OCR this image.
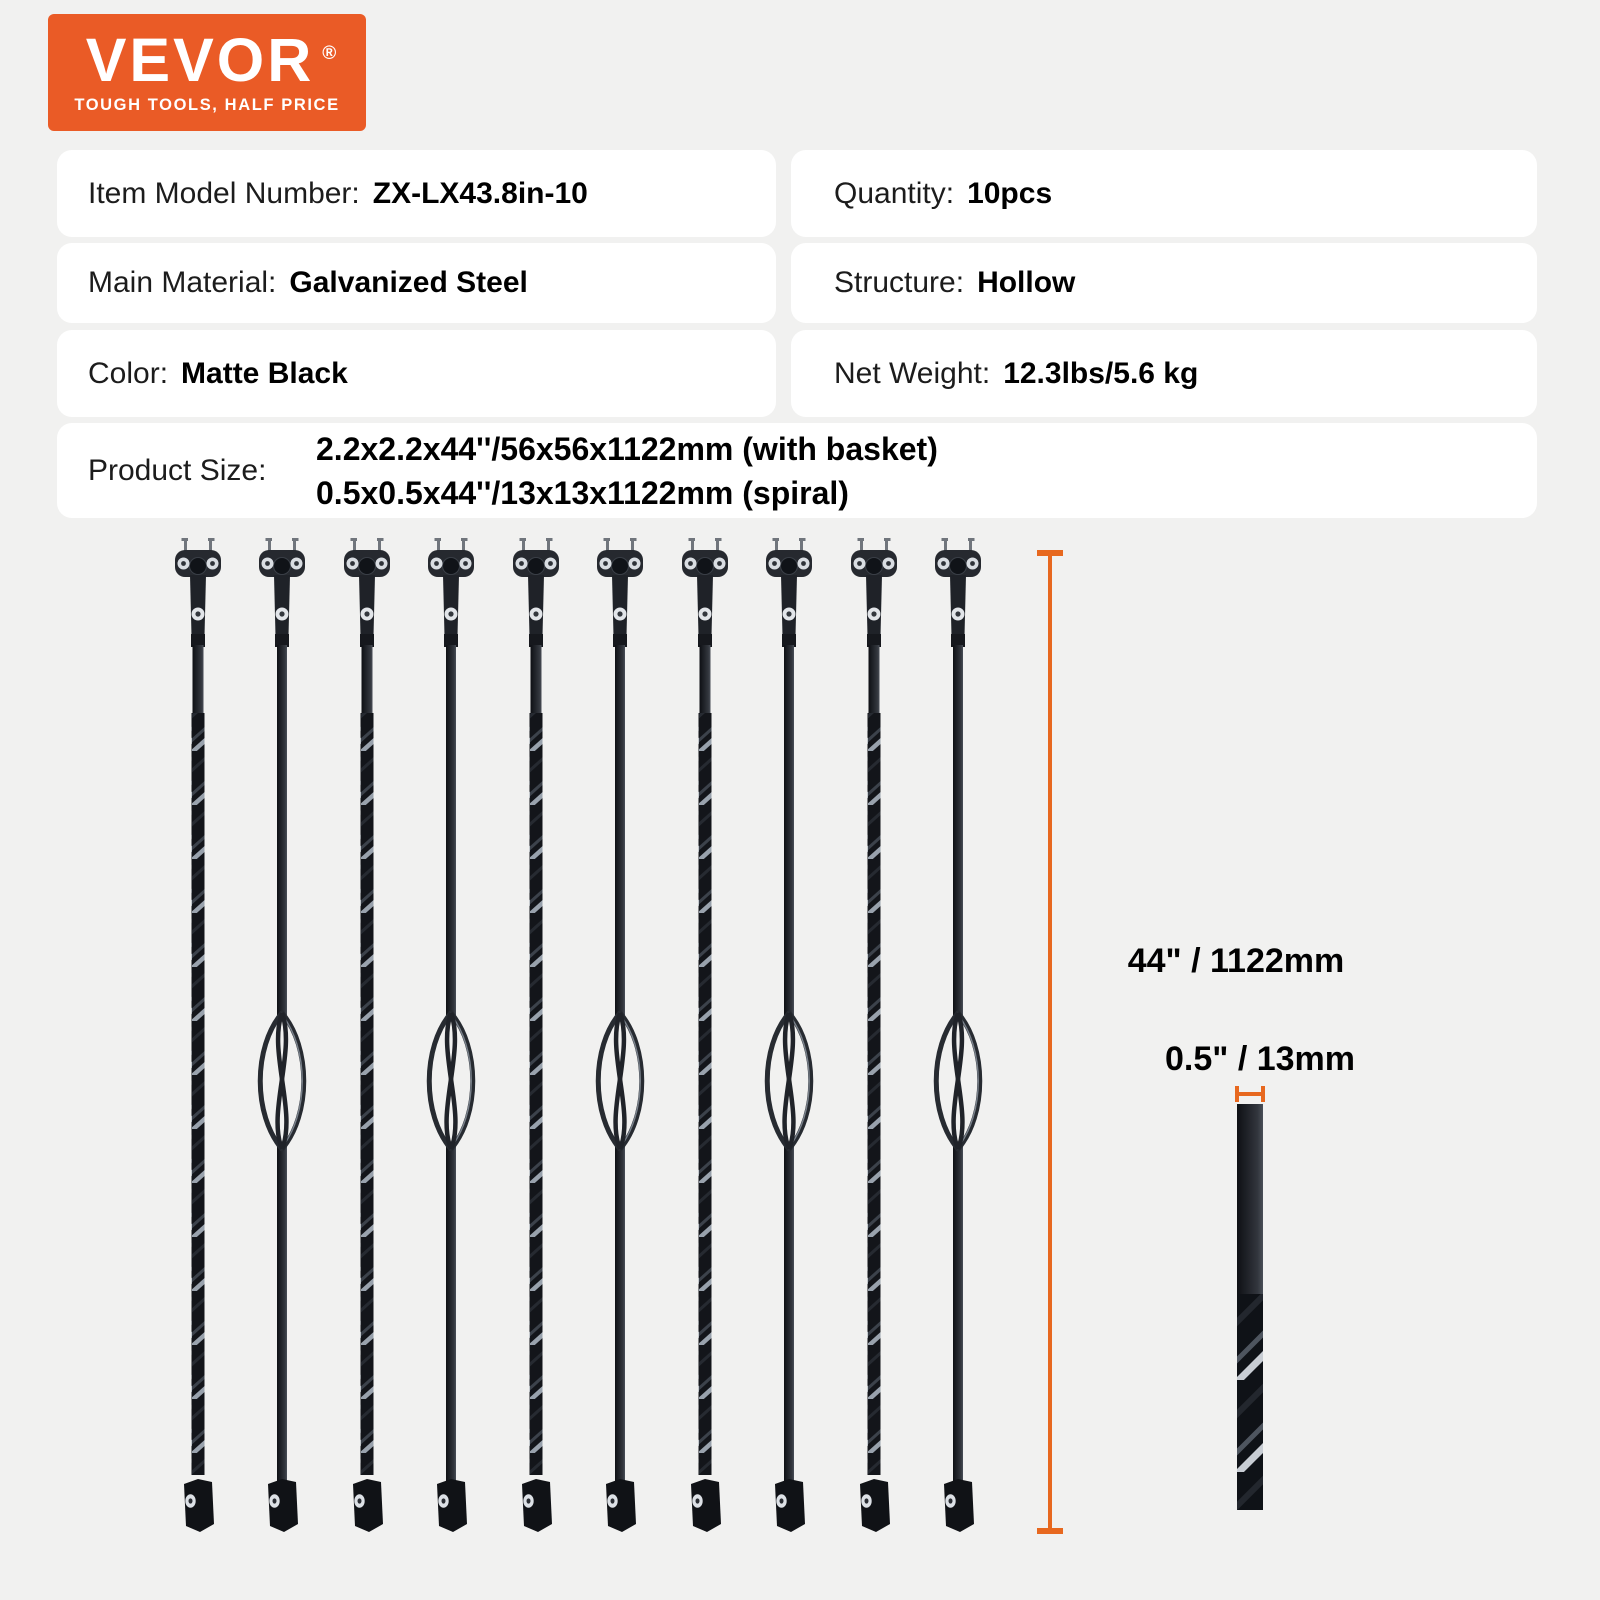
VEVOR ®
TOUGH TOOLS, HALF PRICE
Item Model Number: ZX-LX43.8in-10	Quantity: 10pcs
Main Material: Galvanized Steel	Structure: Hollow
Color: Matte Black	Net Weight: 12.3lbs/5.6 kg
Product Size:
2.2x2.2x44''/56x56x1122mm (with basket)
0.5x0.5x44''/13x13x1122mm (spiral)
44" / 1122mm
0.5" / 13mm
